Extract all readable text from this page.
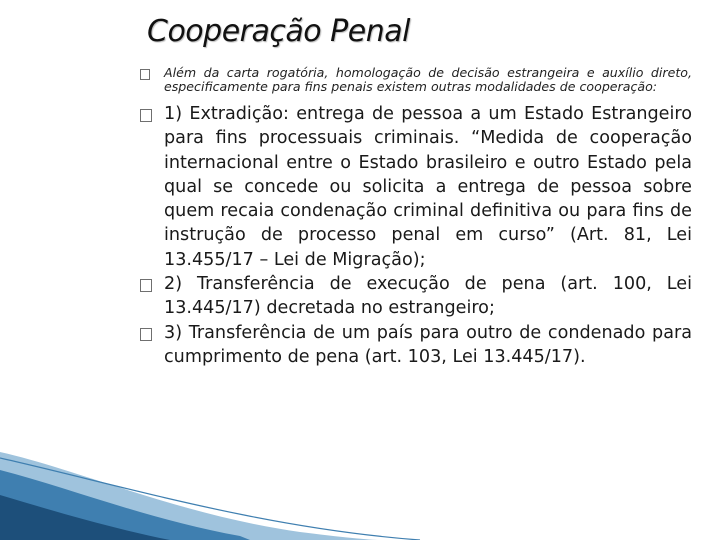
Cooperação Penal
Além da carta rogatória, homologação de decisão estrangeira e auxílio direto, especificamente para fins penais existem outras modalidades de cooperação:
1) Extradição: entrega de pessoa a um Estado Estrangeiro para fins processuais criminais. “Medida de cooperação internacional entre o Estado brasileiro e outro Estado pela qual se concede ou solicita a entrega de pessoa sobre quem recaia condenação criminal definitiva ou para fins de instrução de processo penal em curso” (Art. 81, Lei 13.455/17 – Lei de Migração);
2) Transferência de execução de pena (art. 100, Lei 13.445/17) decretada no estrangeiro;
3) Transferência de um país para outro de condenado para cumprimento de pena (art. 103, Lei 13.445/17).
